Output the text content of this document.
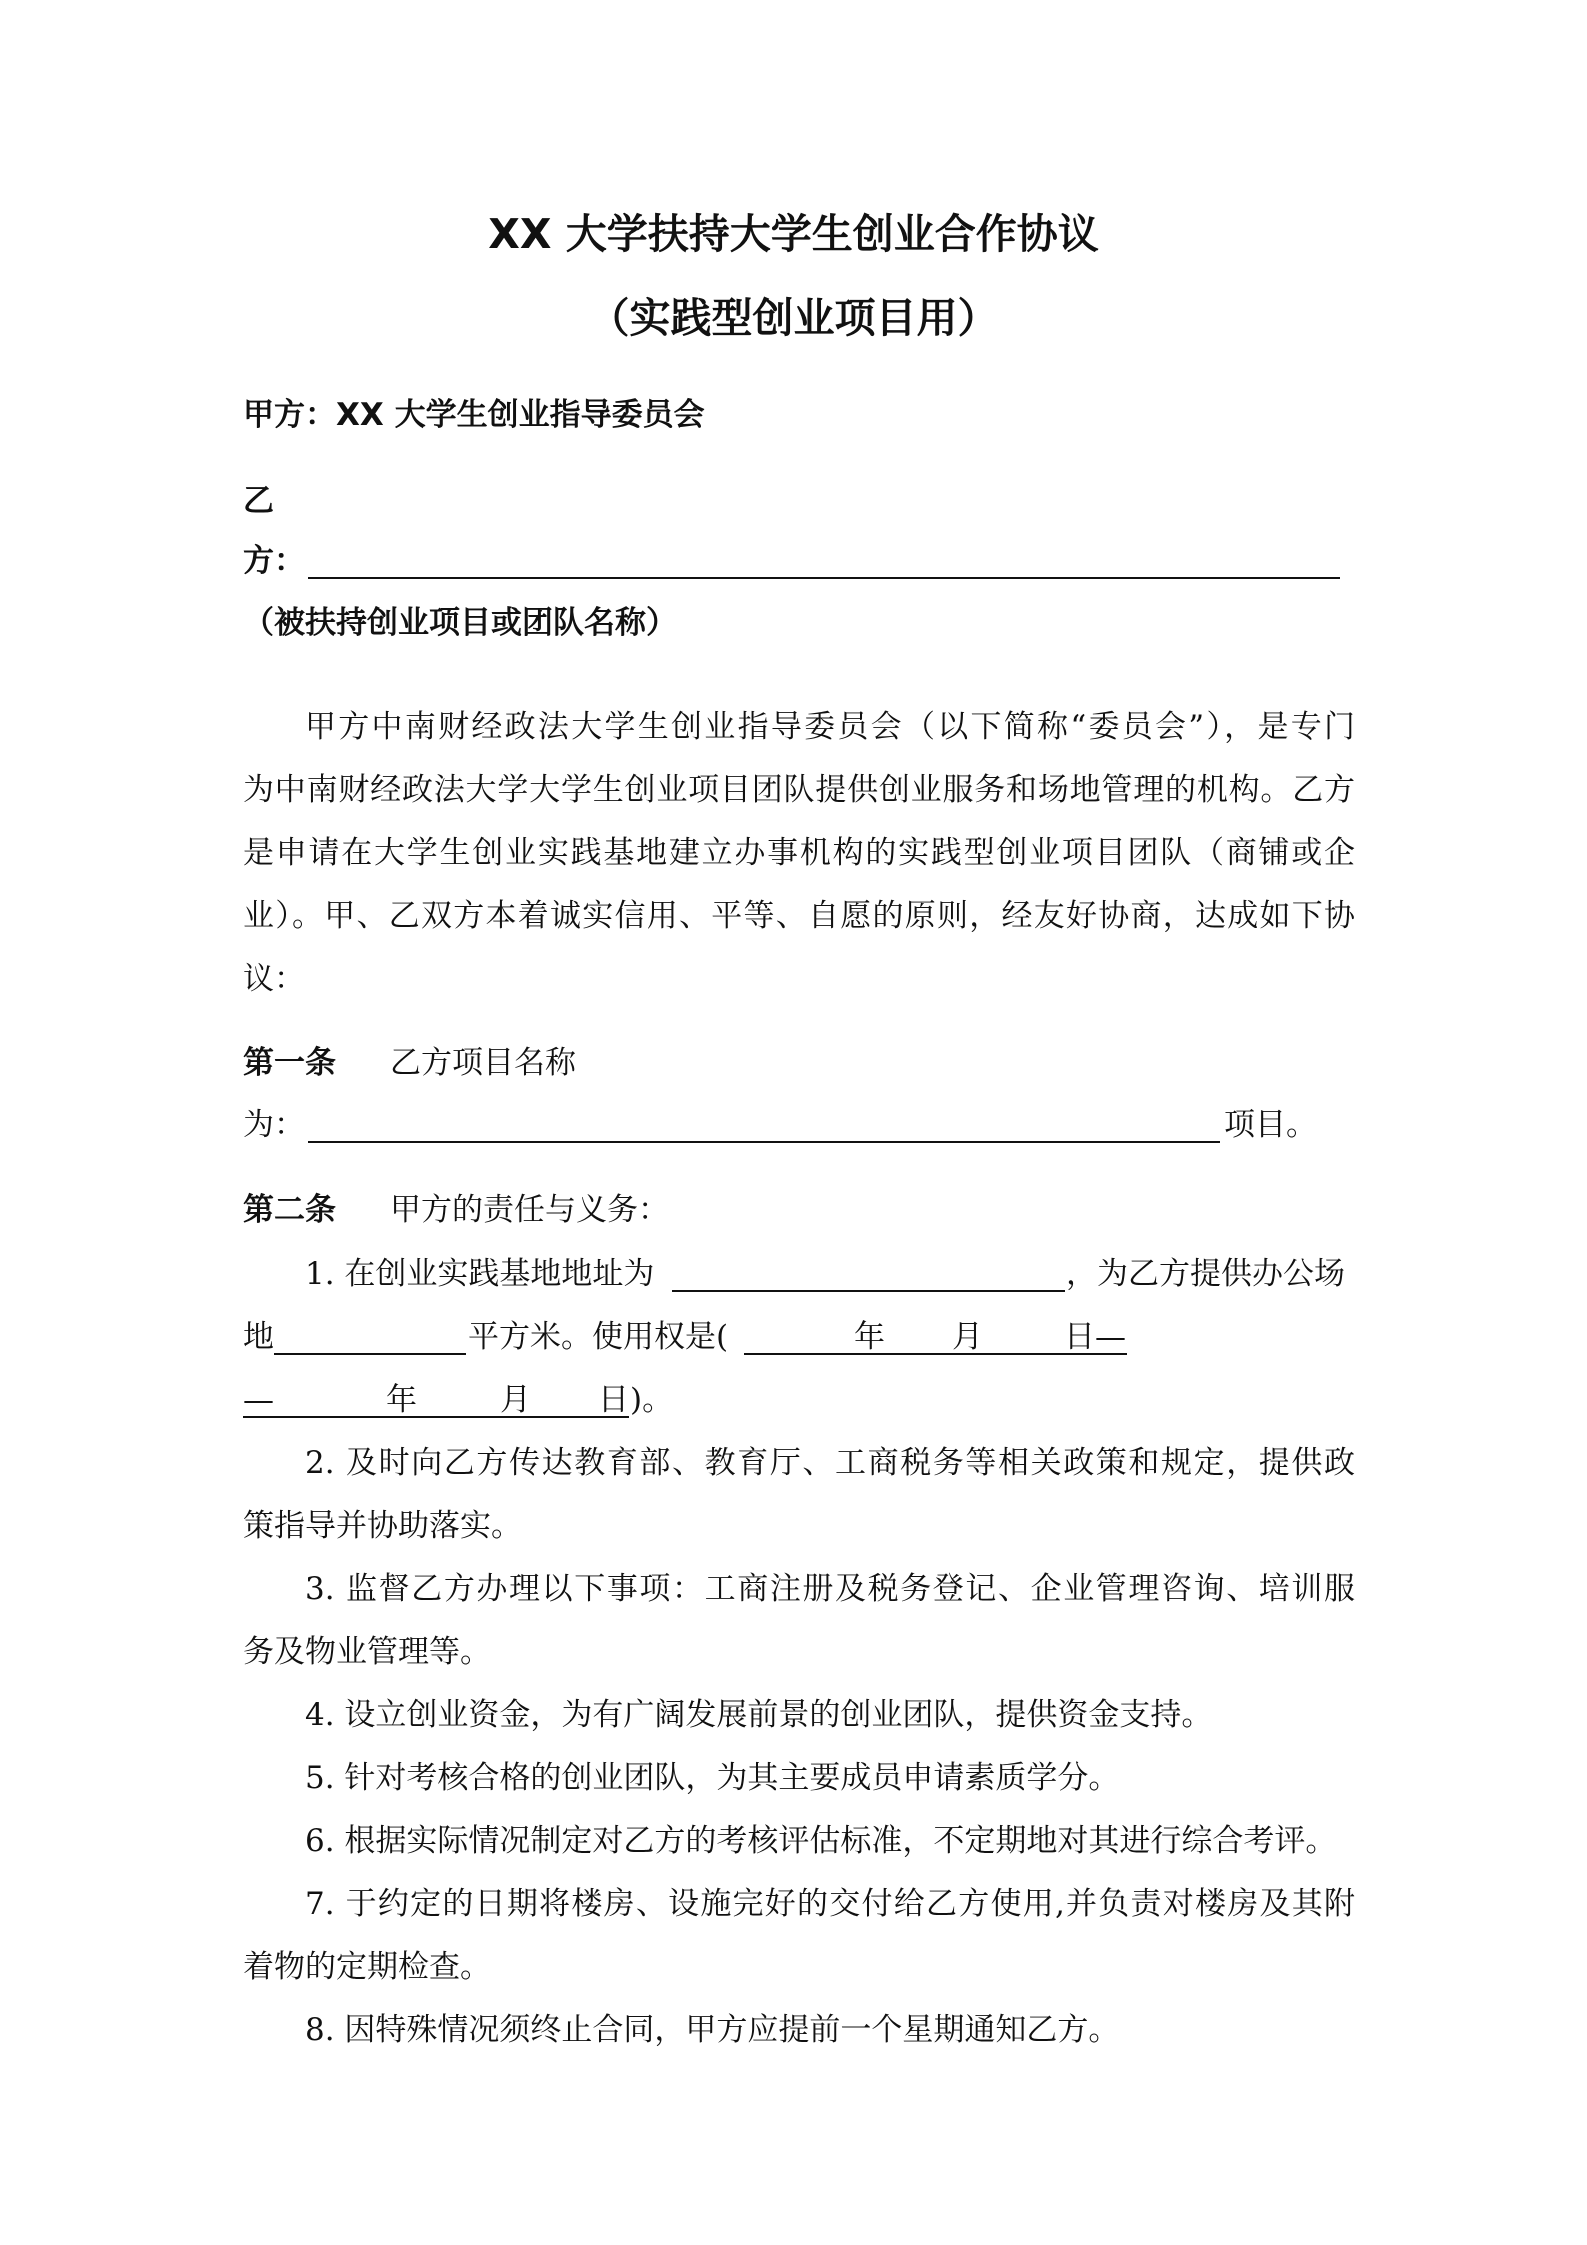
XX 大学扶持大学生创业合作协议
（实践型创业项目用）
甲方：XX 大学生创业指导委员会
乙
方：
（被扶持创业项目或团队名称）
甲方中南财经政法大学生创业指导委员会（以下简称“委员会”），是专门
为中南财经政法大学大学生创业项目团队提供创业服务和场地管理的机构。乙方
是申请在大学生创业实践基地建立办事机构的实践型创业项目团队（商铺或企
业）。甲、乙双方本着诚实信用、平等、自愿的原则，经友好协商，达成如下协
议：
第一条 乙方项目名称
为：	项目。
第二条 甲方的责任与义务：
1. 在创业实践基地地址为	，为乙方提供办公场
地	平方米。使用权是(	年 月	日—
—	年	月 日 )。
2. 及时向乙方传达教育部、教育厅、工商税务等相关政策和规定，提供政
策指导并协助落实。
3. 监督乙方办理以下事项：工商注册及税务登记、企业管理咨询、培训服
务及物业管理等。
4. 设立创业资金，为有广阔发展前景的创业团队，提供资金支持。
5. 针对考核合格的创业团队，为其主要成员申请素质学分。
6. 根据实际情况制定对乙方的考核评估标准，不定期地对其进行综合考评。
7. 于约定的日期将楼房、设施完好的交付给乙方使用,并负责对楼房及其附
着物的定期检查。
8. 因特殊情况须终止合同，甲方应提前一个星期通知乙方。
